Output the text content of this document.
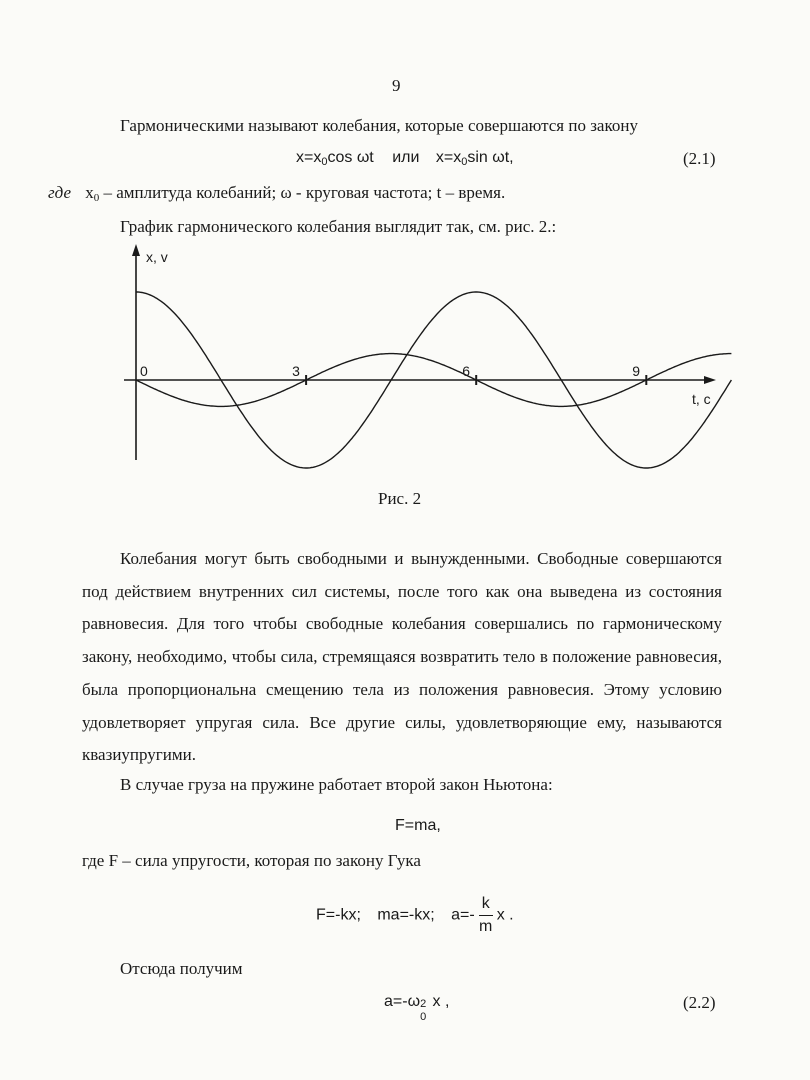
9
Гармоническими называют колебания, которые совершаются по закону
$x=x_0\cos$ ωt или $x=x_0\sin$ ωt,	(2.1)
где $x_0$ – амплитуда колебаний; ω - круговая частота; t – время.
График гармонического колебания выглядит так, см. рис. 2.:
x, v
t, c
0	3	6	9
Рис. 2
Колебания могут быть свободными и вынужденными. Свободные совершаются под действием внутренних сил системы, после того как она выведена из состояния равновесия. Для того чтобы свободные колебания совершались по гармоническому закону, необходимо, чтобы сила, стремящаяся возвратить тело в положение равновесия, была пропорциональна смещению тела из положения равновесия. Этому условию удовлетворяет упругая сила. Все другие силы, удовлетворяющие ему, называются квазиупругими.
В случае груза на пружине работает второй закон Ньютона:
F=ma,
где F – сила упругости, которая по закону Гука
F=-kx; ma=-kx; $a=- \frac{k}{m}$ x .
Отсюда получим
a=-ω 2
0
x ,	(2.2)
